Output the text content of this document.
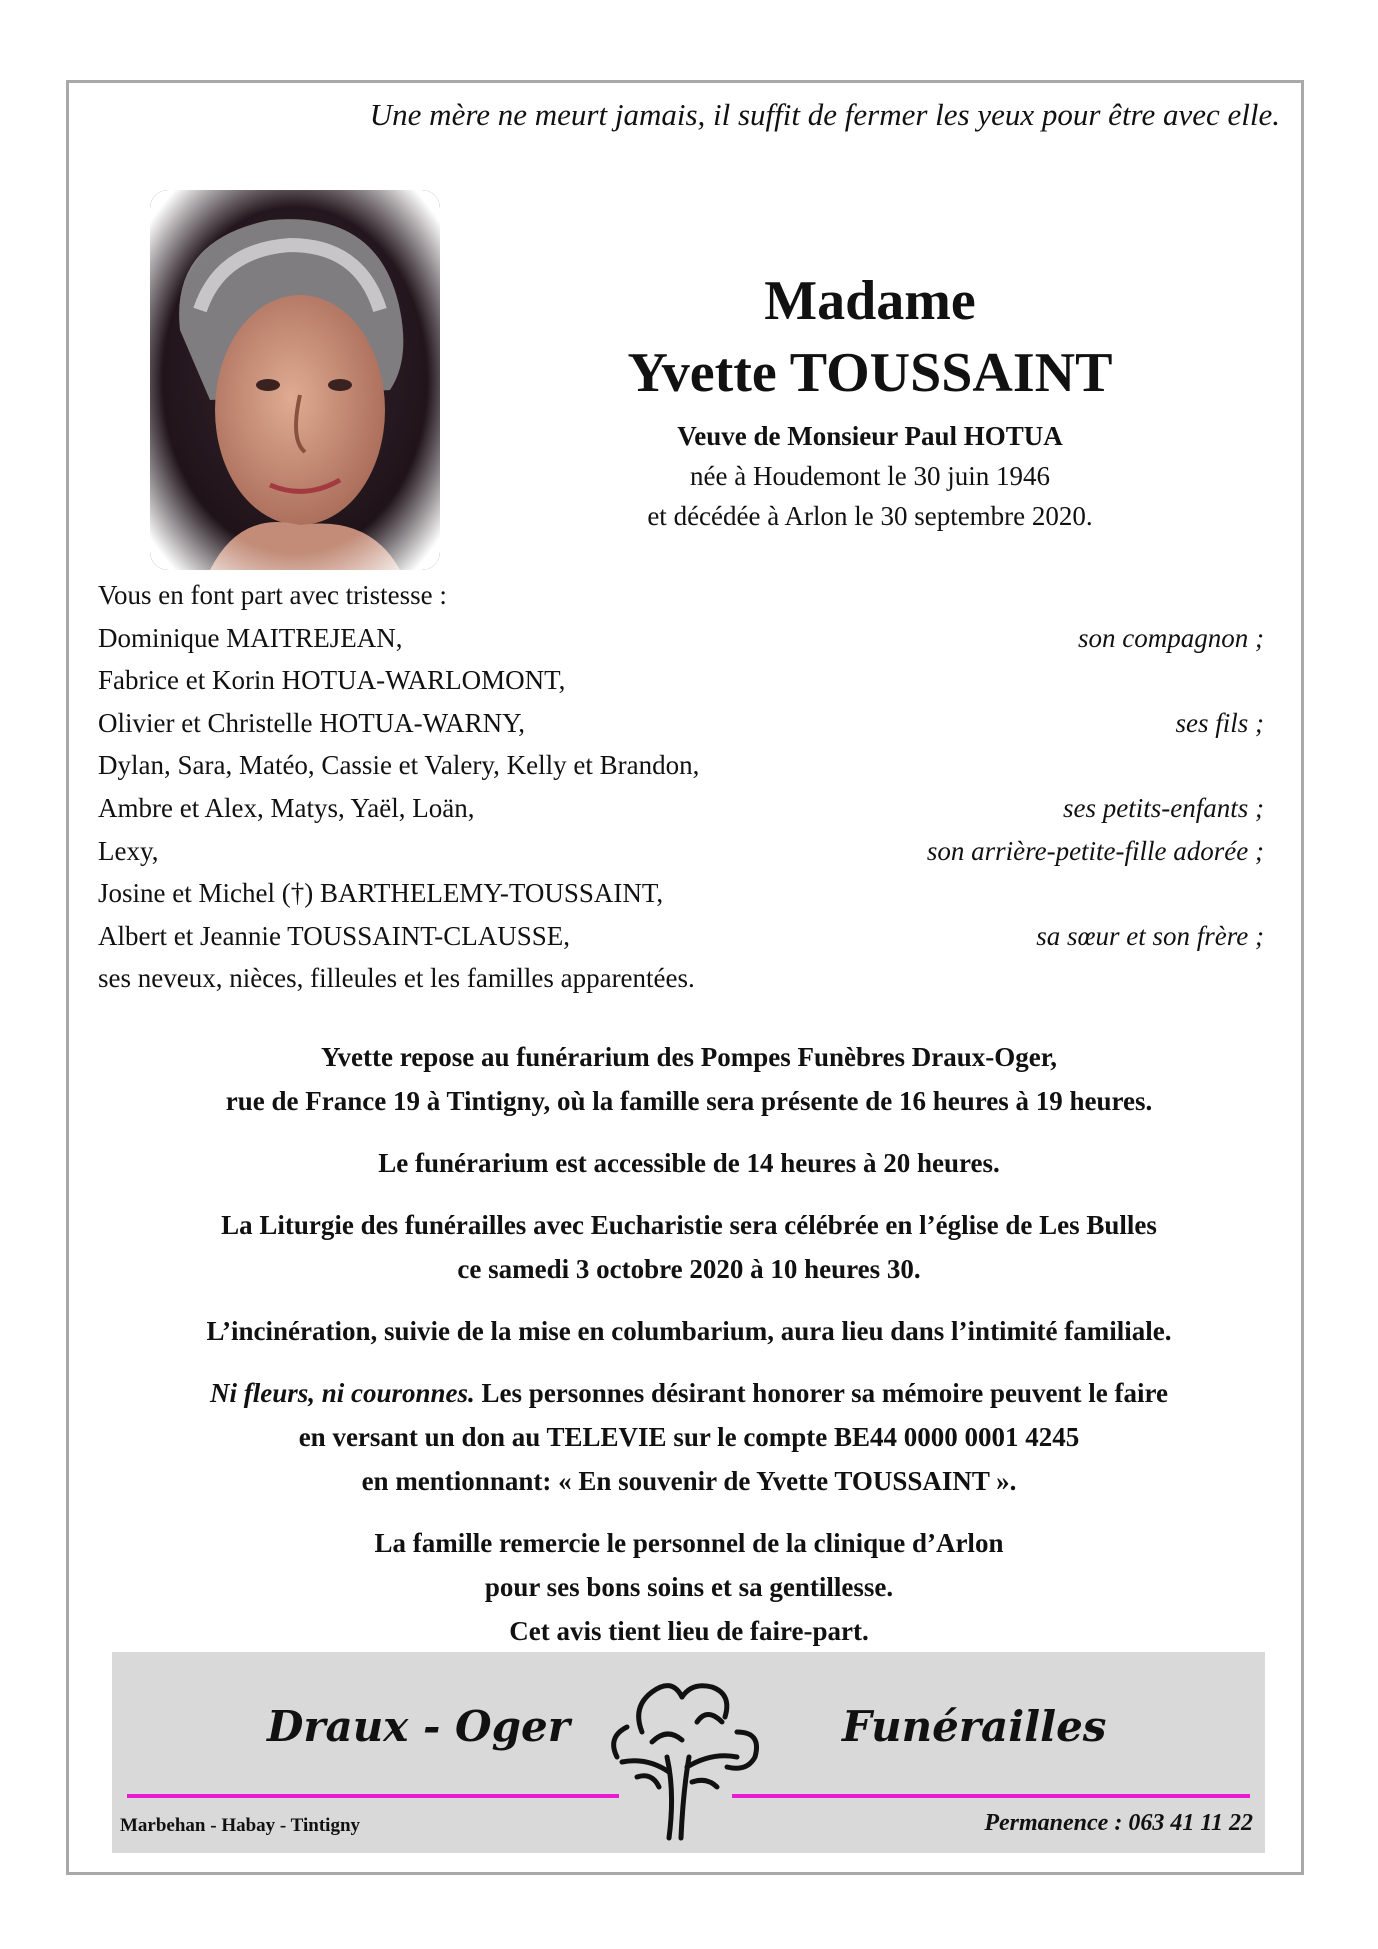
Une mère ne meurt jamais, il suffit de fermer les yeux pour être avec elle.
Madame
Yvette TOUSSAINT
Veuve de Monsieur Paul HOTUA
née à Houdemont le 30 juin 1946
et décédée à Arlon le 30 septembre 2020.
Vous en font part avec tristesse :
Dominique MAITREJEAN,	son compagnon ;
Fabrice et Korin HOTUA-WARLOMONT,
Olivier et Christelle HOTUA-WARNY,	ses fils ;
Dylan, Sara, Matéo, Cassie et Valery, Kelly et Brandon,
Ambre et Alex, Matys, Yaël, Loän,	ses petits-enfants ;
Lexy,	son arrière-petite-fille adorée ;
Josine et Michel (†) BARTHELEMY-TOUSSAINT,
Albert et Jeannie TOUSSAINT-CLAUSSE,	sa sœur et son frère ;
ses neveux, nièces, filleules et les familles apparentées.

Yvette repose au funérarium des Pompes Funèbres Draux-Oger,
rue de France 19 à Tintigny, où la famille sera présente de 16 heures à 19 heures.

Le funérarium est accessible de 14 heures à 20 heures.

La Liturgie des funérailles avec Eucharistie sera célébrée en l’église de Les Bulles
ce samedi 3 octobre 2020 à 10 heures 30.

L’incinération, suivie de la mise en columbarium, aura lieu dans l’intimité familiale.

Ni fleurs, ni couronnes. Les personnes désirant honorer sa mémoire peuvent le faire
en versant un don au TELEVIE sur le compte BE44 0000 0001 4245
en mentionnant: « En souvenir de Yvette TOUSSAINT ».

La famille remercie le personnel de la clinique d’Arlon
pour ses bons soins et sa gentillesse.
Cet avis tient lieu de faire-part.

Draux - Oger	Funérailles
Marbehan - Habay - Tintigny	Permanence : 063 41 11 22
